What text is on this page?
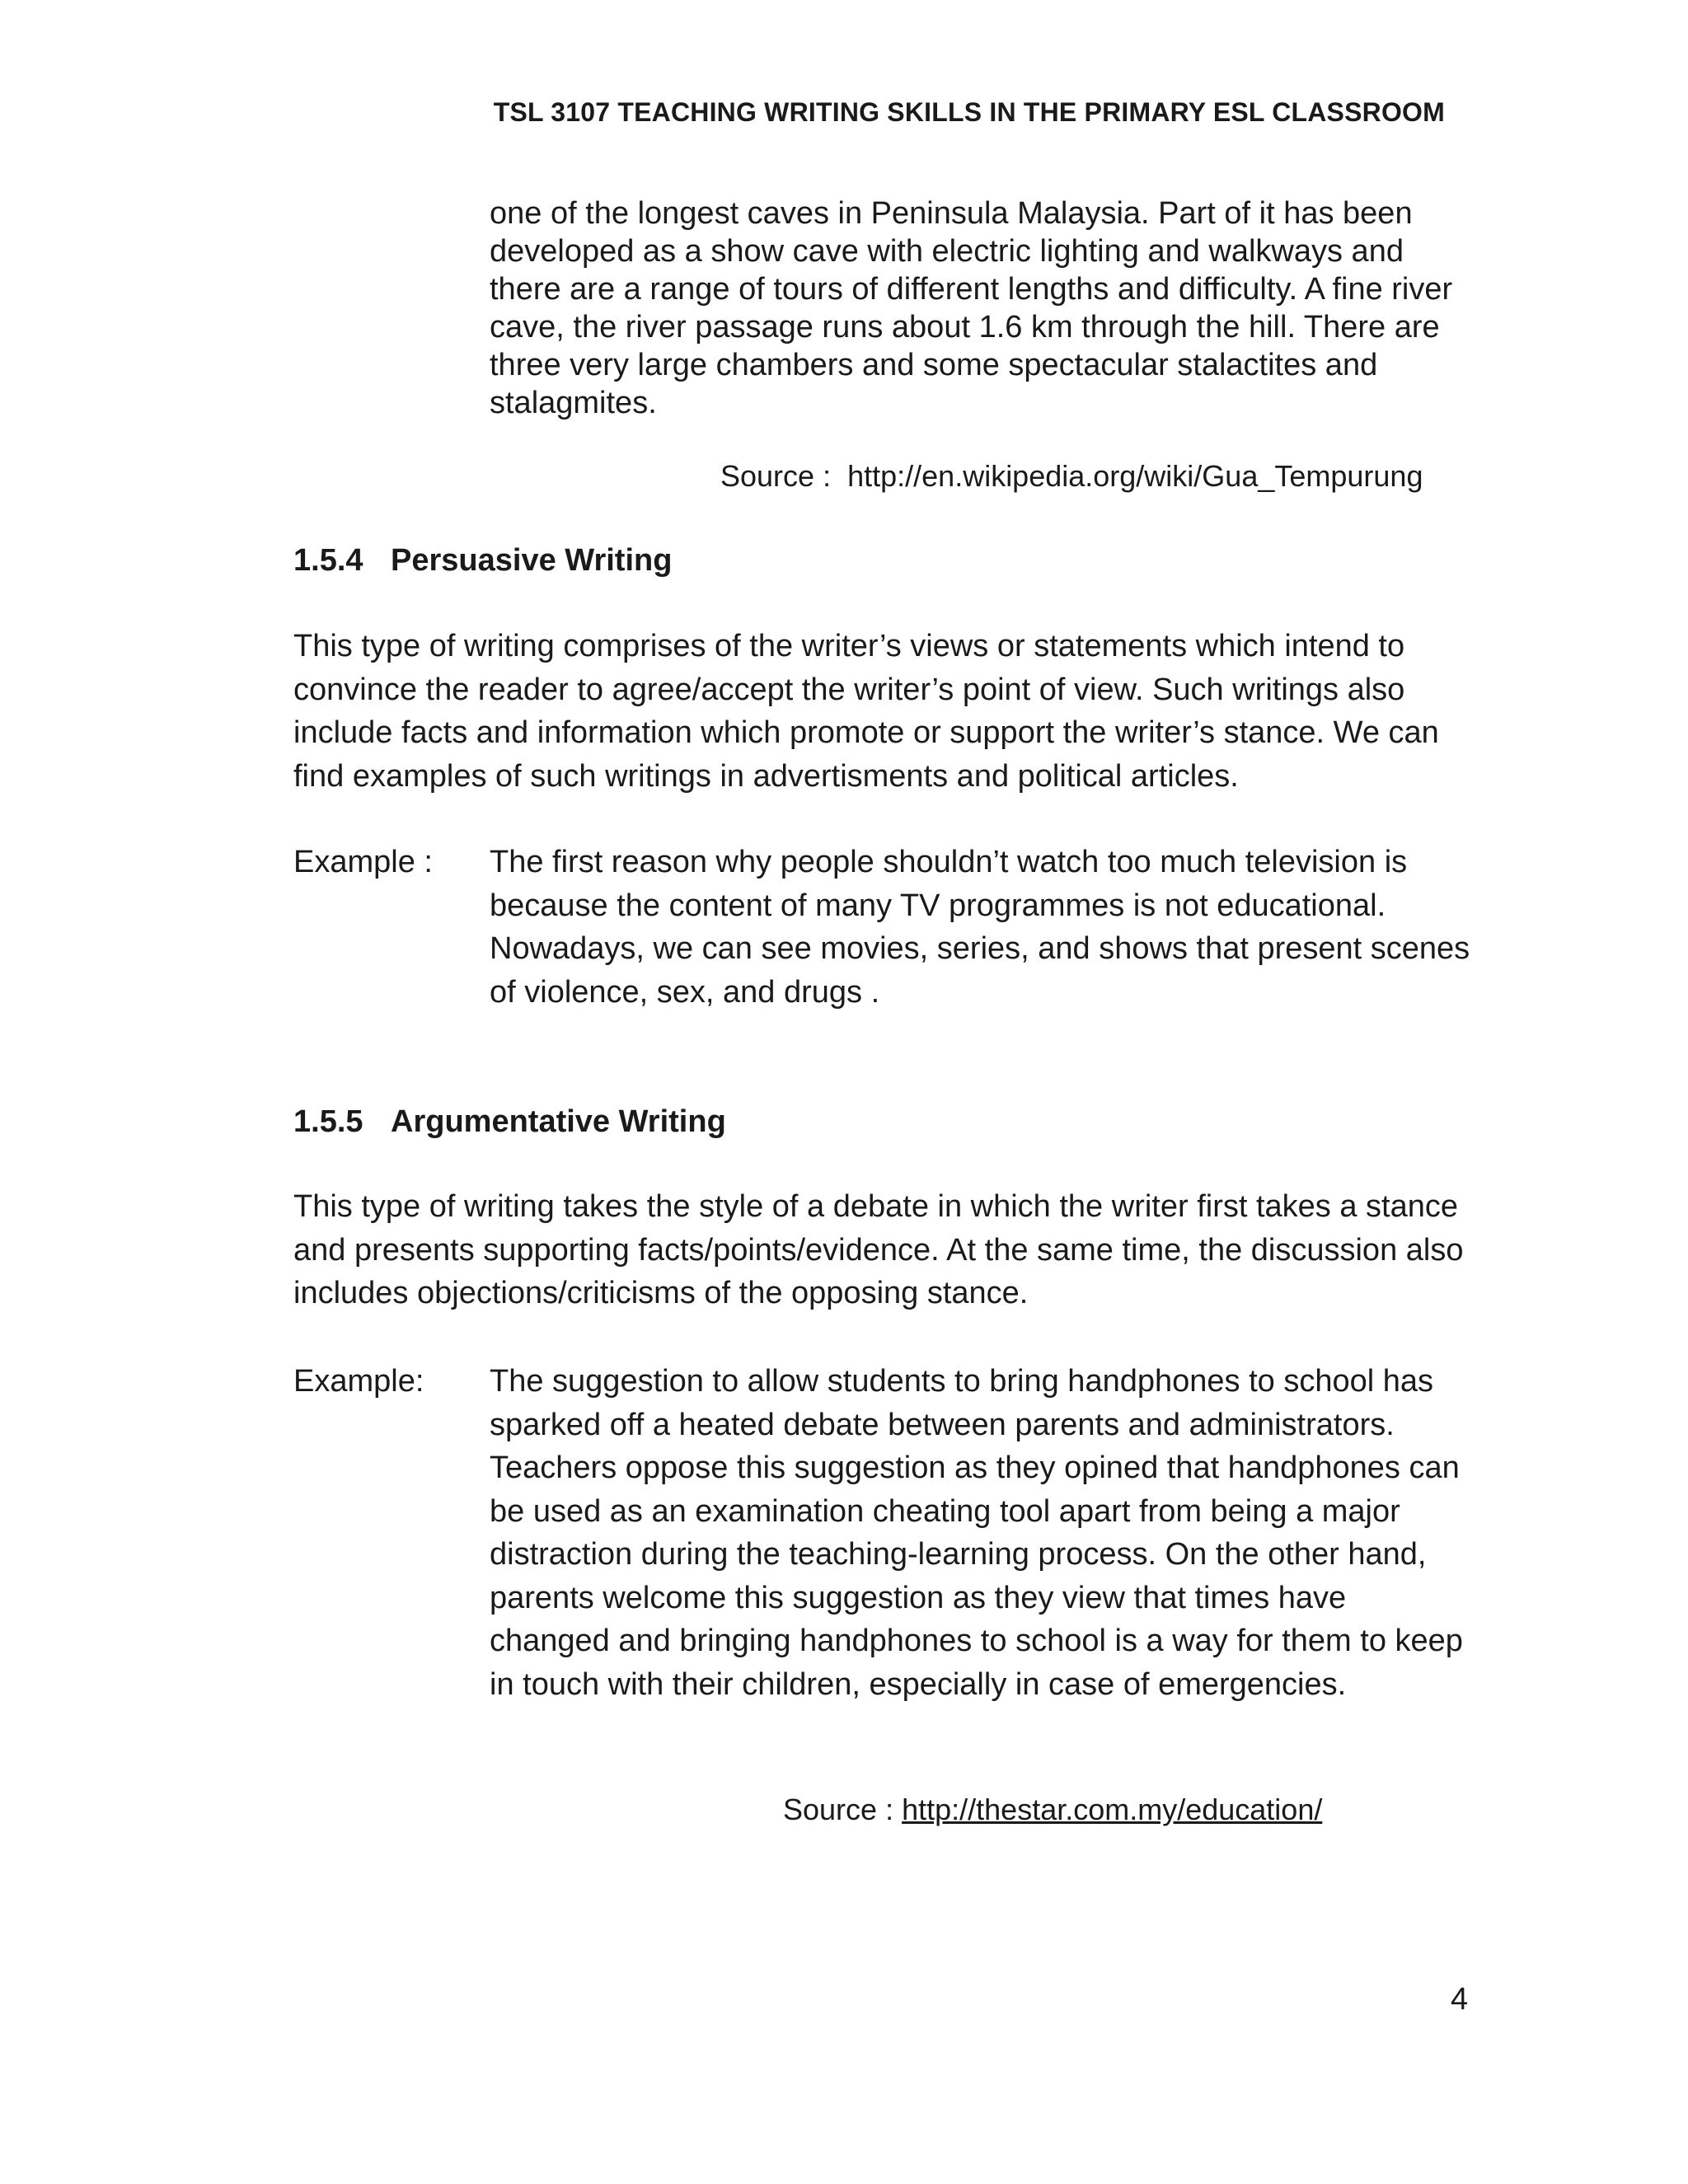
TSL 3107 TEACHING WRITING SKILLS IN THE PRIMARY ESL CLASSROOM
one of the longest caves in Peninsula Malaysia. Part of it has been developed as a show cave with electric lighting and walkways and there are a range of tours of different lengths and difficulty. A fine river cave, the river passage runs about 1.6 km through the hill. There are three very large chambers and some spectacular stalactites and stalagmites.
Source : http://en.wikipedia.org/wiki/Gua_Tempurung
1.5.4 Persuasive Writing
This type of writing comprises of the writer’s views or statements which intend to convince the reader to agree/accept the writer’s point of view. Such writings also include facts and information which promote or support the writer’s stance. We can find examples of such writings in advertisments and political articles.
Example : The first reason why people shouldn’t watch too much television is because the content of many TV programmes is not educational. Nowadays, we can see movies, series, and shows that present scenes of violence, sex, and drugs .
1.5.5 Argumentative Writing
This type of writing takes the style of a debate in which the writer first takes a stance and presents supporting facts/points/evidence. At the same time, the discussion also includes objections/criticisms of the opposing stance.
Example: The suggestion to allow students to bring handphones to school has sparked off a heated debate between parents and administrators. Teachers oppose this suggestion as they opined that handphones can be used as an examination cheating tool apart from being a major distraction during the teaching-learning process. On the other hand, parents welcome this suggestion as they view that times have changed and bringing handphones to school is a way for them to keep in touch with their children, especially in case of emergencies.
Source : http://thestar.com.my/education/
4
